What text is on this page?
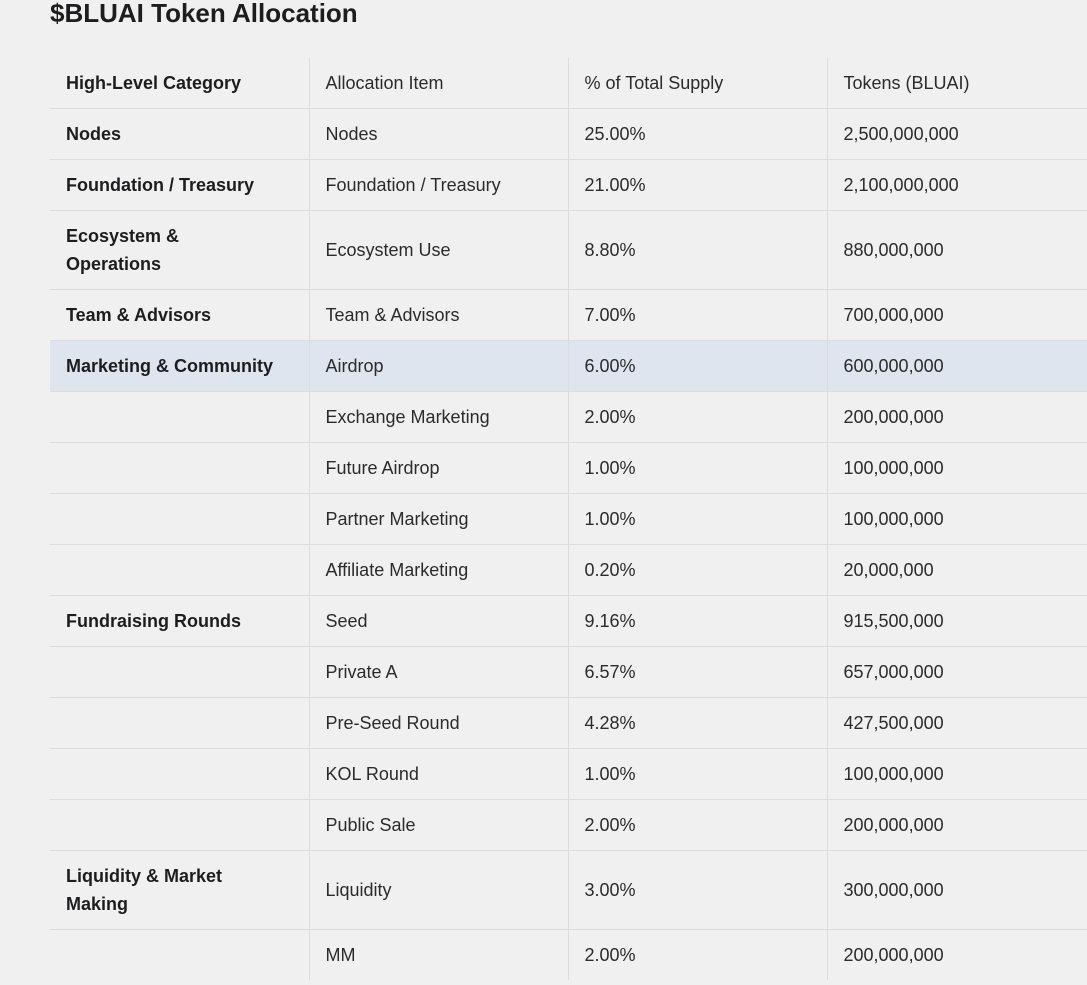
$BLUAI Token Allocation
High-Level Category	Allocation Item	% of Total Supply	Tokens (BLUAI)
Nodes	Nodes	25.00%	2,500,000,000
Foundation / Treasury	Foundation / Treasury	21.00%	2,100,000,000
Ecosystem & Operations	Ecosystem Use	8.80%	880,000,000
Team & Advisors	Team & Advisors	7.00%	700,000,000
Marketing & Community	Airdrop	6.00%	600,000,000
	Exchange Marketing	2.00%	200,000,000
	Future Airdrop	1.00%	100,000,000
	Partner Marketing	1.00%	100,000,000
	Affiliate Marketing	0.20%	20,000,000
Fundraising Rounds	Seed	9.16%	915,500,000
	Private A	6.57%	657,000,000
	Pre-Seed Round	4.28%	427,500,000
	KOL Round	1.00%	100,000,000
	Public Sale	2.00%	200,000,000
Liquidity & Market Making	Liquidity	3.00%	300,000,000
	MM	2.00%	200,000,000
